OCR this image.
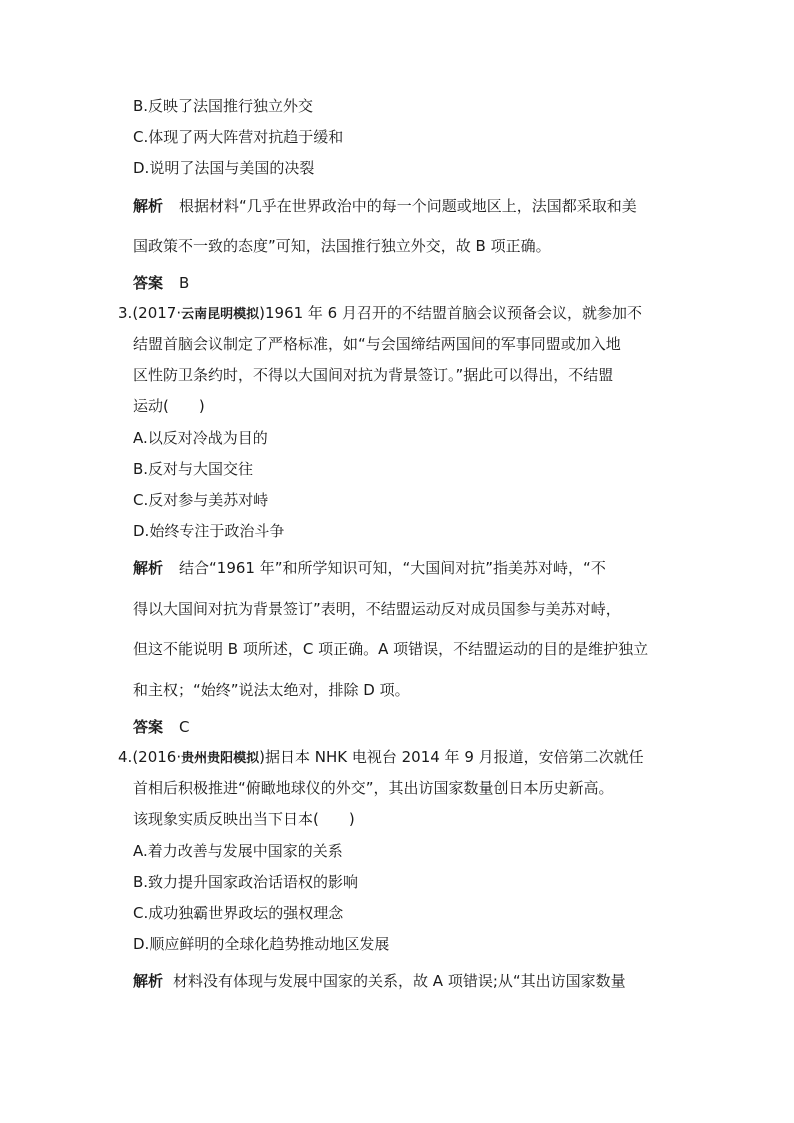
B.反映了法国推行独立外交
C.体现了两大阵营对抗趋于缓和
D.说明了法国与美国的决裂
解析 根据材料“几乎在世界政治中的每一个问题或地区上，法国都采取和美
国政策不一致的态度”可知，法国推行独立外交，故 B 项正确。
答案 B
3.(2017·云南昆明模拟)1961 年 6 月召开的不结盟首脑会议预备会议，就参加不
结盟首脑会议制定了严格标准，如“与会国缔结两国间的军事同盟或加入地
区性防卫条约时，不得以大国间对抗为背景签订。”据此可以得出，不结盟
运动(　　)
A.以反对冷战为目的
B.反对与大国交往
C.反对参与美苏对峙
D.始终专注于政治斗争
解析 结合“1961 年”和所学知识可知，“大国间对抗”指美苏对峙，“不
得以大国间对抗为背景签订”表明，不结盟运动反对成员国参与美苏对峙，
但这不能说明 B 项所述，C 项正确。A 项错误，不结盟运动的目的是维护独立
和主权；“始终”说法太绝对，排除 D 项。
答案 C
4.(2016·贵州贵阳模拟)据日本 NHK 电视台 2014 年 9 月报道，安倍第二次就任
首相后积极推进“俯瞰地球仪的外交”，其出访国家数量创日本历史新高。
该现象实质反映出当下日本(　　)
A.着力改善与发展中国家的关系
B.致力提升国家政治话语权的影响
C.成功独霸世界政坛的强权理念
D.顺应鲜明的全球化趋势推动地区发展
解析 材料没有体现与发展中国家的关系，故 A 项错误;从“其出访国家数量
